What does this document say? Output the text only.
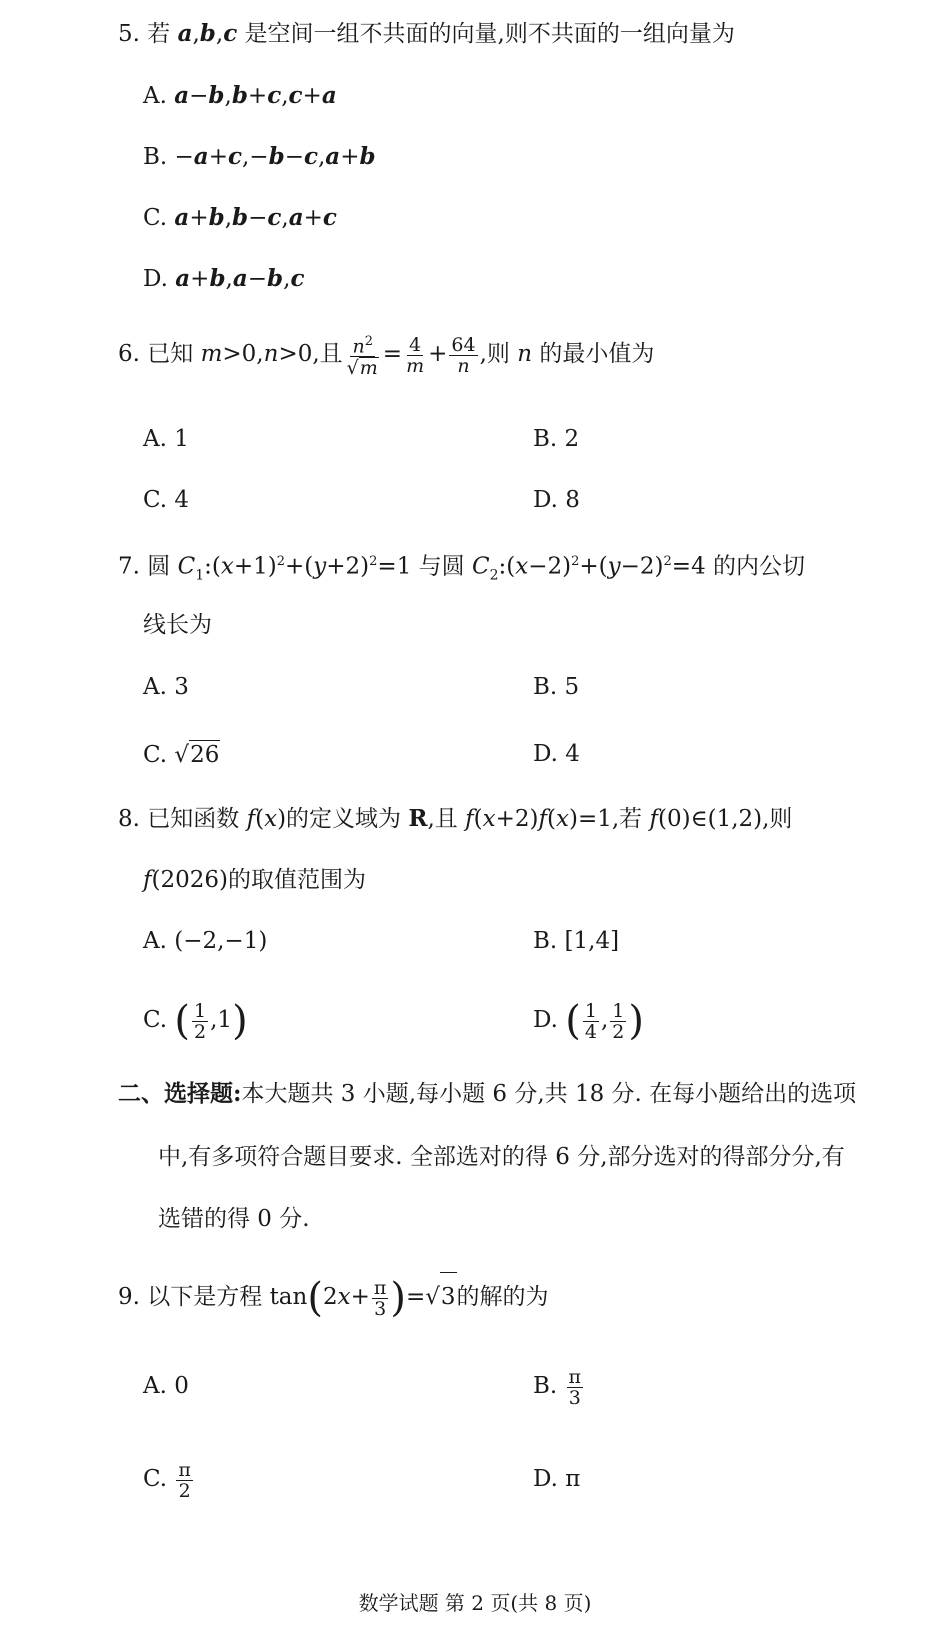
5. 若 a,b,c 是空间一组不共面的向量,则不共面的一组向量为
A. a−b,b+c,c+a
B. −a+c,−b−c,a+b
C. a+b,b−c,a+c
D. a+b,a−b,c
6. 已知 m>0,n>0,且 $\frac{n^2}{√ m} = \frac{4}{m} + \frac{64}{n}$ ,则 n 的最小值为
A. 1	B. 2
C. 4	D. 8
7. 圆 $C_1:(x+1)^2+(y+2)^2=1$ 与圆 $C_2:(x-2)^2+(y-2)^2=4$ 的内公切
线长为
A. 3	B. 5
C. √ 26	D. 4
8. 已知函数 f(x)的定义域为 R,且 f(x+2)f(x)=1,若 f(0)∈(1,2),则
f(2026)的取值范围为
A. (−2,−1)	B. [1,4]
C. ( $\frac{1}{2} ,1$)	D. ( $\frac{1}{4}$ , $\frac{1}{2}$ )
二、选择题:本大题共 3 小题,每小题 6 分,共 18 分. 在每小题给出的选项
中,有多项符合题目要求. 全部选对的得 6 分,部分选对的得部分分,有
选错的得 0 分.
9. 以下是方程 $\tan(2x+ \frac{\pi}{3}$ )=√ 3 的解的为
A. 0	B. $\frac{\pi}{3}$
C. $\frac{\pi}{2}$	D. π
数学试题 第 2 页(共 8 页)
